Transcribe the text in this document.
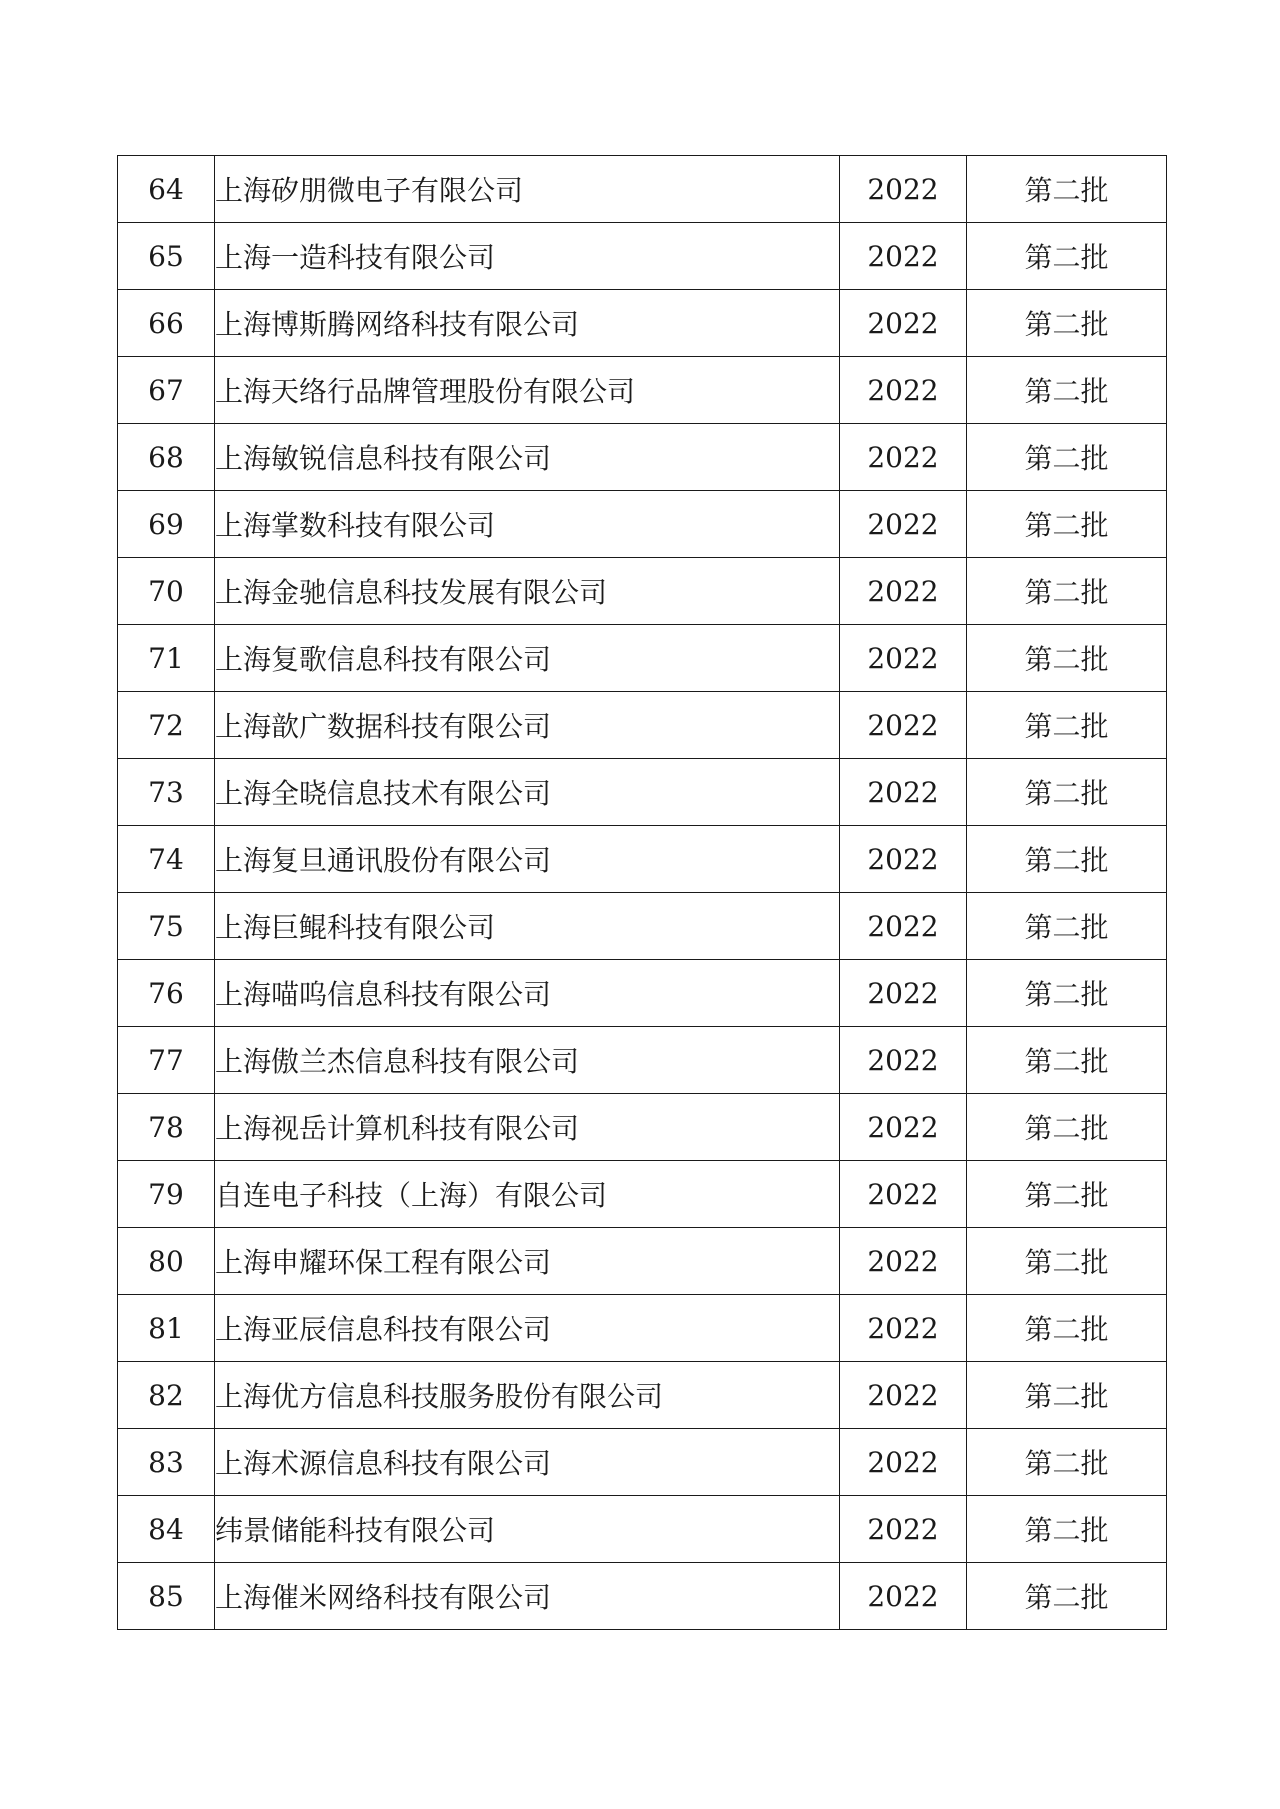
64	上海矽朋微电子有限公司	2022	第二批
65	上海一造科技有限公司	2022	第二批
66	上海博斯腾网络科技有限公司	2022	第二批
67	上海天络行品牌管理股份有限公司	2022	第二批
68	上海敏锐信息科技有限公司	2022	第二批
69	上海掌数科技有限公司	2022	第二批
70	上海金驰信息科技发展有限公司	2022	第二批
71	上海复歌信息科技有限公司	2022	第二批
72	上海歆广数据科技有限公司	2022	第二批
73	上海全晓信息技术有限公司	2022	第二批
74	上海复旦通讯股份有限公司	2022	第二批
75	上海巨鲲科技有限公司	2022	第二批
76	上海喵呜信息科技有限公司	2022	第二批
77	上海傲兰杰信息科技有限公司	2022	第二批
78	上海视岳计算机科技有限公司	2022	第二批
79	自连电子科技（上海）有限公司	2022	第二批
80	上海申耀环保工程有限公司	2022	第二批
81	上海亚辰信息科技有限公司	2022	第二批
82	上海优方信息科技服务股份有限公司	2022	第二批
83	上海术源信息科技有限公司	2022	第二批
84	纬景储能科技有限公司	2022	第二批
85	上海催米网络科技有限公司	2022	第二批
